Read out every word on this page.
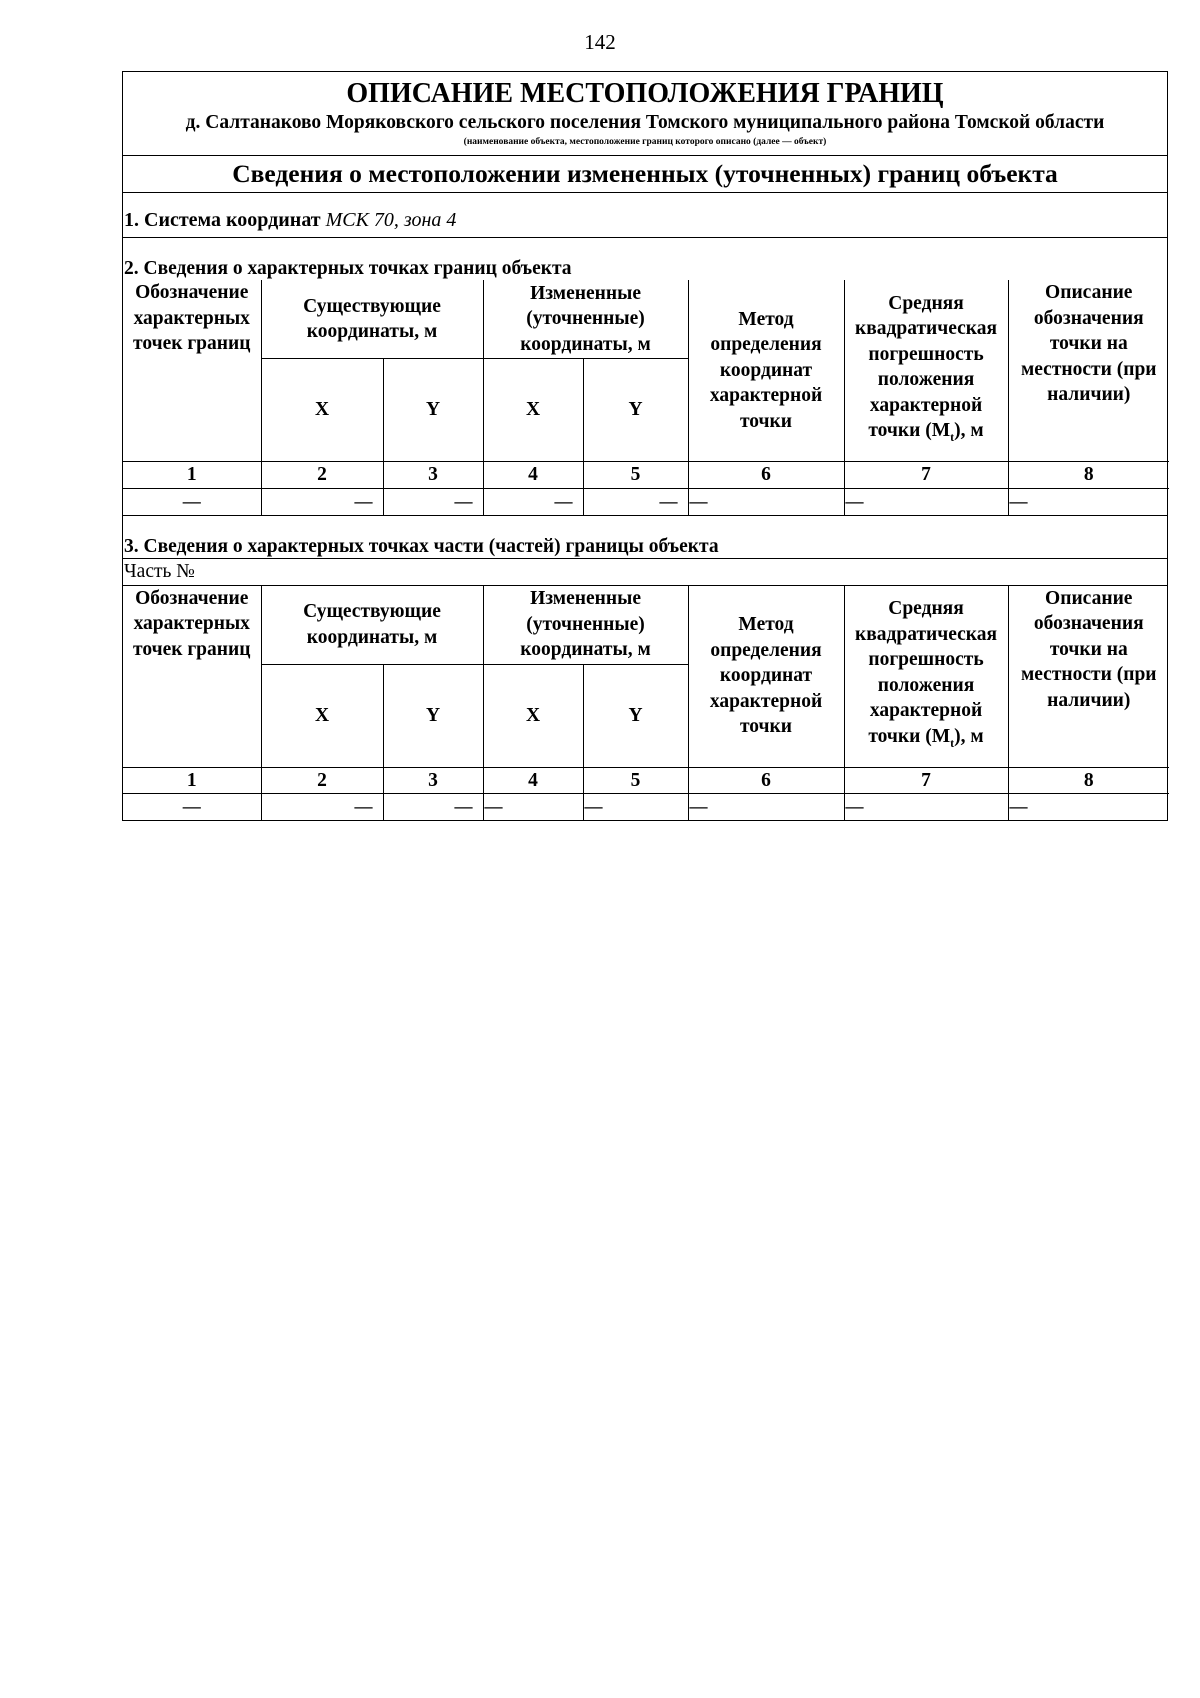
142
ОПИСАНИЕ МЕСТОПОЛОЖЕНИЯ ГРАНИЦ
д. Салтанаково Моряковского сельского поселения Томского муниципального района Томской области
(наименование объекта, местоположение границ которого описано (далее — объект)
Сведения о местоположении измененных (уточненных) границ объекта
1. Система координат МСК 70, зона 4
2. Сведения о характерных точках границ объекта
Обозначение характерных точек границ	Существующие координаты, м		Измененные (уточненные) координаты, м		Метод определения координат характерной точки	Средняя квадратическая погрешность положения характерной точки $(М_t)$, м	Описание обозначения точки на местности (при наличии)
	X	Y	X	Y			
1	2	3	4	5	6	7	8
—	—	—	—	—	—	—	—
3. Сведения о характерных точках части (частей) границы объекта
Часть №
Обозначение характерных точек границ	Существующие координаты, м		Измененные (уточненные) координаты, м		Метод определения координат характерной точки	Средняя квадратическая погрешность положения характерной точки $(М_t)$, м	Описание обозначения точки на местности (при наличии)
	X	Y	X	Y			
1	2	3	4	5	6	7	8
—	—	—	—	—	—	—	—
